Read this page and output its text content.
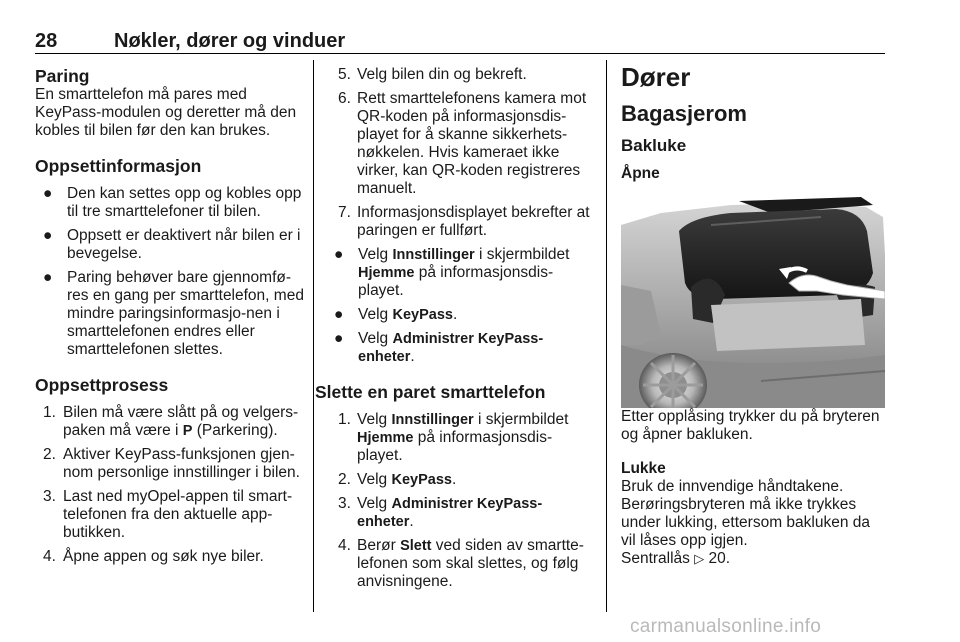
28	Nøkler, dører og vinduer
Paring

En smarttelefon må pares med KeyPass-modulen og deretter må den kobles til bilen før den kan brukes.

Oppsettinformasjon
● Den kan settes opp og kobles opp til tre smarttelefoner til bilen.
● Oppsett er deaktivert når bilen er i bevegelse.
● Paring behøver bare gjennomfø-res en gang per smarttelefon, med mindre paringsinformasjo-nen i smarttelefonen endres eller smarttelefonen slettes.
Oppsettprosess
1. Bilen må være slått på og velgers-paken må være i P (Parkering).
2. Aktiver KeyPass-funksjonen gjen-nom personlige innstillinger i bilen.
3. Last ned myOpel-appen til smart-telefonen fra den aktuelle app-butikken.
4. Åpne appen og søk nye biler.
5. Velg bilen din og bekreft.
6. Rett smarttelefonens kamera mot QR-koden på informasjonsdis-playet for å skanne sikkerhets-nøkkelen. Hvis kameraet ikke virker, kan QR-koden registreres manuelt.
7. Informasjonsdisplayet bekrefter at paringen er fullført.
● Velg Innstillinger i skjermbildet Hjemme på informasjonsdis-playet.
● Velg KeyPass.
● Velg Administrer KeyPass-enheter.
Slette en paret smarttelefon
1. Velg Innstillinger i skjermbildet Hjemme på informasjonsdis-playet.
2. Velg KeyPass.
3. Velg Administrer KeyPass-enheter.
4. Berør Slett ved siden av smartte-lefonen som skal slettes, og følg anvisningene.
Dører
Bagasjerom
Bakluke
Åpne

Etter opplåsing trykker du på bryteren og åpner bakluken.

Lukke

Bruk de innvendige håndtakene.

Berøringsbryteren må ikke trykkes under lukking, ettersom bakluken da vil låses opp igjen.

Sentrallås ▷ 20.

carmanualsonline.info
